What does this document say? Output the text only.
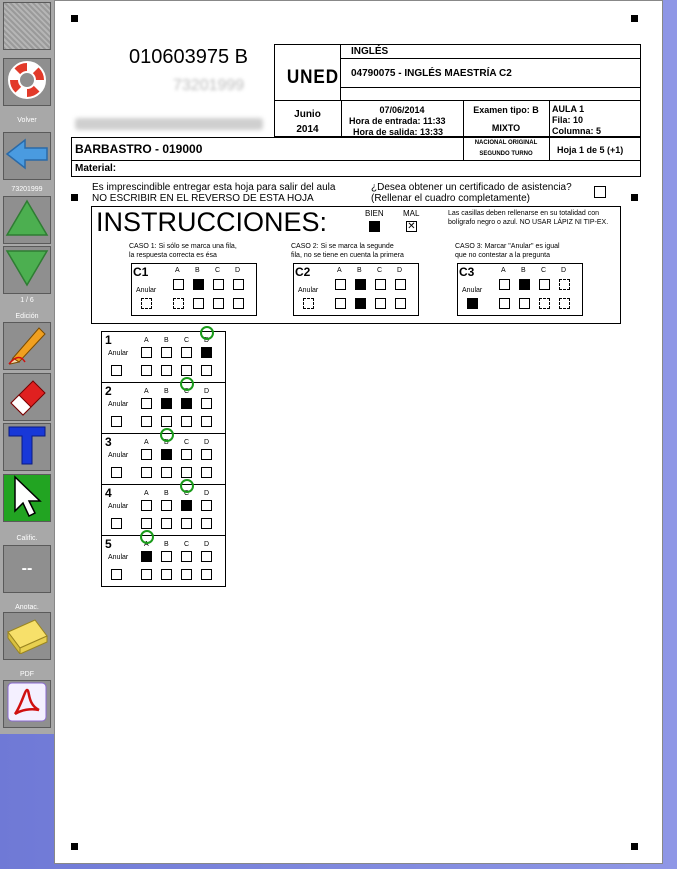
Volver
73201999
1 / 6
Edición
Calific.
--
Anotac.
PDF
010603975 B
73201999 UNED
INGLÉS
04790075 - INGLÉS MAESTRÍA C2
Junio
2014
07/06/2014
Hora de entrada: 11:33
Hora de salida: 13:33
Examen tipo: B
MIXTO
AULA 1
Fila: 10
Columna: 5
BARBASTRO - 019000	NACIONAL ORIGINAL
SEGUNDO TURNO	Hoja 1 de 5 (+1)
Material:
Es imprescindible entregar esta hoja para salir del aula
NO ESCRIBIR EN EL REVERSO DE ESTA HOJA
¿Desea obtener un certificado de asistencia?
(Rellenar el cuadro completamente)
INSTRUCCIONES:	BIEN MAL
✕
Las casillas deben rellenarse en su totalidad con bolígrafo negro o azul. NO USAR LÁPIZ NI TIP-EX.
CASO 1: Si sólo se marca una fila,
la respuesta correcta es ésa
CASO 2: Si se marca la segunde
fila, no se tiene en cuenta la primera
CASO 3: Marcar "Anular" es igual
que no contestar a la pregunta
C1	A B C D
Anular
C2	A B C D
Anular
C3	A B C D
Anular
1
Anular
A B C D
2
Anular
A B C D
3
Anular
A B C D
4
Anular
A B C D
5
Anular
A B C D
